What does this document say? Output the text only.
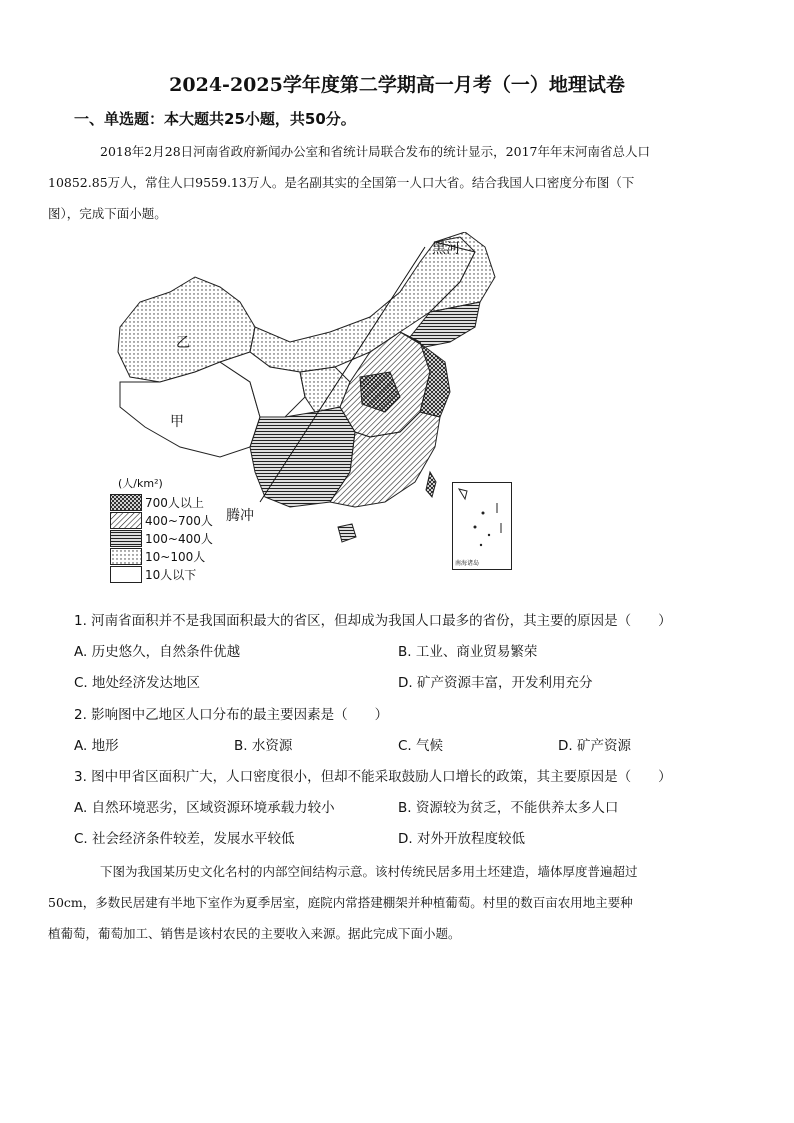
2024-2025学年度第二学期高一月考（一）地理试卷
一、单选题：本大题共25小题，共50分。
2018年2月28日河南省政府新闻办公室和省统计局联合发布的统计显示，2017年年末河南省总人口
10852.85万人，常住人口9559.13万人。是名副其实的全国第一人口大省。结合我国人口密度分布图（下
图），完成下面小题。
黑河
乙
甲
腾冲
南海诸岛
(人/km²)
700人以上
400~700人
100~400人
10~100人
10人以下
1. 河南省面积并不是我国面积最大的省区，但却成为我国人口最多的省份，其主要的原因是（　　）
A. 历史悠久，自然条件优越	B. 工业、商业贸易繁荣
C. 地处经济发达地区	D. 矿产资源丰富，开发利用充分
2. 影响图中乙地区人口分布的最主要因素是（　　）
A. 地形	B. 水资源	C. 气候	D. 矿产资源
3. 图中甲省区面积广大，人口密度很小，但却不能采取鼓励人口增长的政策，其主要原因是（　　）
A. 自然环境恶劣，区域资源环境承载力较小	B. 资源较为贫乏，不能供养太多人口
C. 社会经济条件较差，发展水平较低	D. 对外开放程度较低
下图为我国某历史文化名村的内部空间结构示意。该村传统民居多用土坯建造，墙体厚度普遍超过
50cm，多数民居建有半地下室作为夏季居室，庭院内常搭建棚架并种植葡萄。村里的数百亩农用地主要种
植葡萄，葡萄加工、销售是该村农民的主要收入来源。据此完成下面小题。
